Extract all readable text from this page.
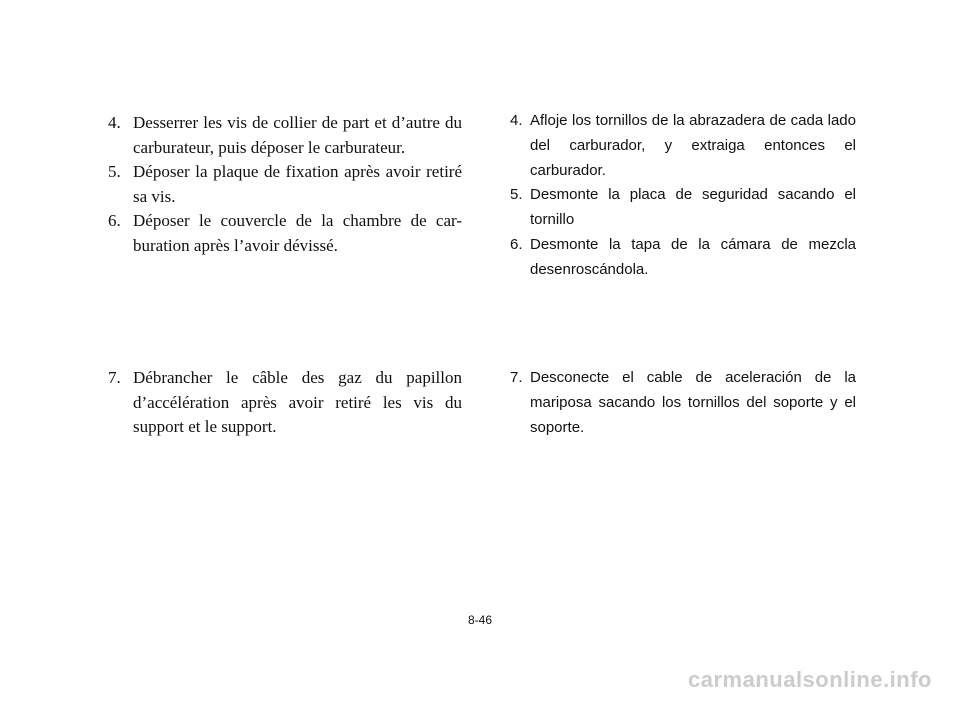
4. Desserrer les vis de collier de part et d’autre du carburateur, puis déposer le carburateur.
5. Déposer la plaque de fixation après avoir retiré sa vis.
6. Déposer le couvercle de la chambre de car-buration après l’avoir dévissé.
4. Afloje los tornillos de la abrazadera de cada lado del carburador, y extraiga entonces el carburador.
5. Desmonte la placa de seguridad sacando el tornillo
6. Desmonte la tapa de la cámara de mezcla desenroscándola.
7. Débrancher le câble des gaz du papillon d’accélération après avoir retiré les vis du support et le support.
7. Desconecte el cable de aceleración de la mariposa sacando los tornillos del soporte y el soporte.
8-46
carmanualsonline.info
